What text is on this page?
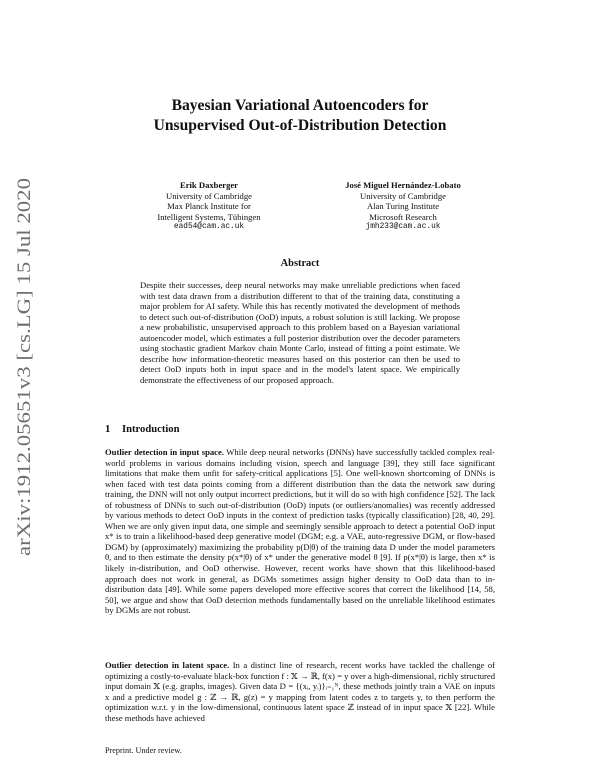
arXiv:1912.05651v3 [cs.LG] 15 Jul 2020
Bayesian Variational Autoencoders for
Unsupervised Out-of-Distribution Detection
Erik Daxberger
University of Cambridge
Max Planck Institute for
Intelligent Systems, Tübingen
ead54@cam.ac.uk
José Miguel Hernández-Lobato
University of Cambridge
Alan Turing Institute
Microsoft Research
jmh233@cam.ac.uk
Abstract

Despite their successes, deep neural networks may make unreliable predictions when faced with test data drawn from a distribution different to that of the training data, constituting a major problem for AI safety. While this has recently motivated the development of methods to detect such out-of-distribution (OoD) inputs, a robust solution is still lacking. We propose a new probabilistic, unsupervised approach to this problem based on a Bayesian variational autoencoder model, which estimates a full posterior distribution over the decoder parameters using stochastic gradient Markov chain Monte Carlo, instead of fitting a point estimate. We describe how information-theoretic measures based on this posterior can then be used to detect OoD inputs both in input space and in the model's latent space. We empirically demonstrate the effectiveness of our proposed approach.

1 Introduction

Outlier detection in input space. While deep neural networks (DNNs) have successfully tackled complex real-world problems in various domains including vision, speech and language [39], they still face significant limitations that make them unfit for safety-critical applications [5]. One well-known shortcoming of DNNs is when faced with test data points coming from a different distribution than the data the network saw during training, the DNN will not only output incorrect predictions, but it will do so with high confidence [52]. The lack of robustness of DNNs to such out-of-distribution (OoD) inputs (or outliers/anomalies) was recently addressed by various methods to detect OoD inputs in the context of prediction tasks (typically classification) [28, 40, 29]. When we are only given input data, one simple and seemingly sensible approach to detect a potential OoD input x* is to train a likelihood-based deep generative model (DGM; e.g. a VAE, auto-regressive DGM, or flow-based DGM) by (approximately) maximizing the probability p(D|θ) of the training data D under the model parameters θ, and to then estimate the density p(x*|θ) of x* under the generative model θ [9]. If p(x*|θ) is large, then x* is likely in-distribution, and OoD otherwise. However, recent works have shown that this likelihood-based approach does not work in general, as DGMs sometimes assign higher density to OoD data than to in-distribution data [49]. While some papers developed more effective scores that correct the likelihood [14, 58, 50], we argue and show that OoD detection methods fundamentally based on the unreliable likelihood estimates by DGMs are not robust.

Outlier detection in latent space. In a distinct line of research, recent works have tackled the challenge of optimizing a costly-to-evaluate black-box function f : 𝕏 → ℝ, f(x) = y over a high-dimensional, richly structured input domain 𝕏 (e.g. graphs, images). Given data D = {(xᵢ, yᵢ)}ᵢ₌₁ᴺ, these methods jointly train a VAE on inputs x and a predictive model g : ℤ → ℝ, g(z) = y mapping from latent codes z to targets y, to then perform the optimization w.r.t. y in the low-dimensional, continuous latent space ℤ instead of in input space 𝕏 [22]. While these methods have achieved

Preprint. Under review.
